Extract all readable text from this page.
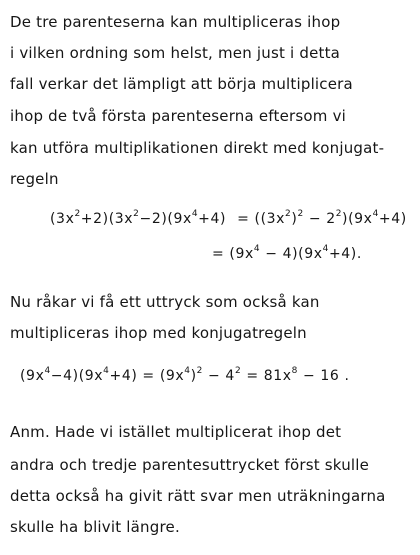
De tre parenteserna kan multipliceras ihop
i vilken ordning som helst, men just i detta
fall verkar det lämpligt att börja multiplicera
ihop de två första parenteserna eftersom vi
kan utföra multiplikationen direkt med konjugat-
regeln
$(3x^2+2)(3x^2-2)(9x^4+4) = ((3x^2)^2 - 2^2)(9x^4+4)$
= $(9x^4 - 4)(9x^4+4)$.
Nu råkar vi få ett uttryck som också kan
multipliceras ihop med konjugatregeln
$(9x^4-4)(9x^4+4) = (9x^4)^2 - 4^2 = 81x^8 - 16$ .
Anm. Hade vi istället multiplicerat ihop det
andra och tredje parentesuttrycket först skulle
detta också ha givit rätt svar men uträkningarna
skulle ha blivit längre.
